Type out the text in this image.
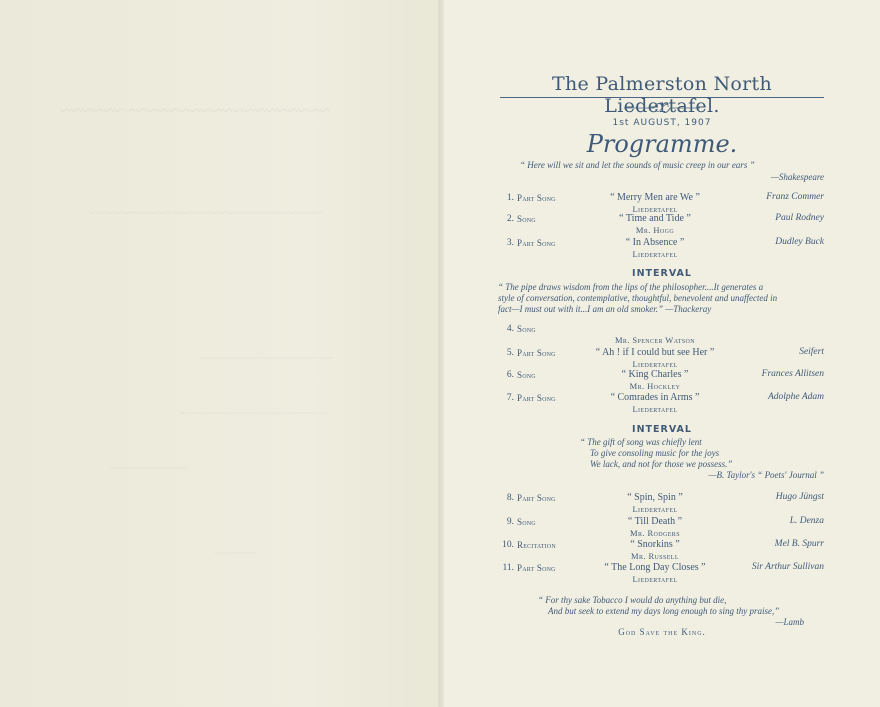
~~~~~~~~~~~~~~~~~~~~~~~~~
~~~~~~~~~~~~~~~~~~~~~~~~~~~
~~~~~~~~~~~~~~~~~~~
~~~~~~~~~~~~~~~~~~~~~
~~~~~~~~~~~
~~~~~~
The Palmerston North Liedertafel.
1st AUGUST, 1907
Programme.
“ Here will we sit and let the sounds of music creep in our ears ”
—Shakespeare
1. Part Song	“ Merry Men are We ”	Franz Commer
Liedertafel
2. Song	“ Time and Tide ”	Paul Rodney
Mr. Hogg
3. Part Song	“ In Absence ”	Dudley Buck
Liedertafel
INTERVAL
“ The pipe draws wisdom from the lips of the philosopher....It generates a
style of conversation, contemplative, thoughtful, benevolent and unaffected in
fact—I must out with it...I am an old smoker.” —Thackeray
4. Song
Mr. Spencer Watson
5. Part Song	“ Ah ! if I could but see Her ”	Seifert
Liedertafel
6. Song	“ King Charles ”	Frances Allitsen
Mr. Hockley
7. Part Song	“ Comrades in Arms ”	Adolphe Adam
Liedertafel
INTERVAL
“ The gift of song was chiefly lent
To give consoling music for the joys
We lack, and not for those we possess.”
—B. Taylor's “ Poets' Journal ”
8. Part Song	“ Spin, Spin ”	Hugo Jüngst
Liedertafel
9. Song	“ Till Death ”	L. Denza
Mr. Rodgers
10. Recitation	“ Snorkins ”	Mel B. Spurr
Mr. Russell
11. Part Song	“ The Long Day Closes ”	Sir Arthur Sullivan
Liedertafel
“ For thy sake Tobacco I would do anything but die,
And but seek to extend my days long enough to sing thy praise,”
—Lamb
God Save the King.
